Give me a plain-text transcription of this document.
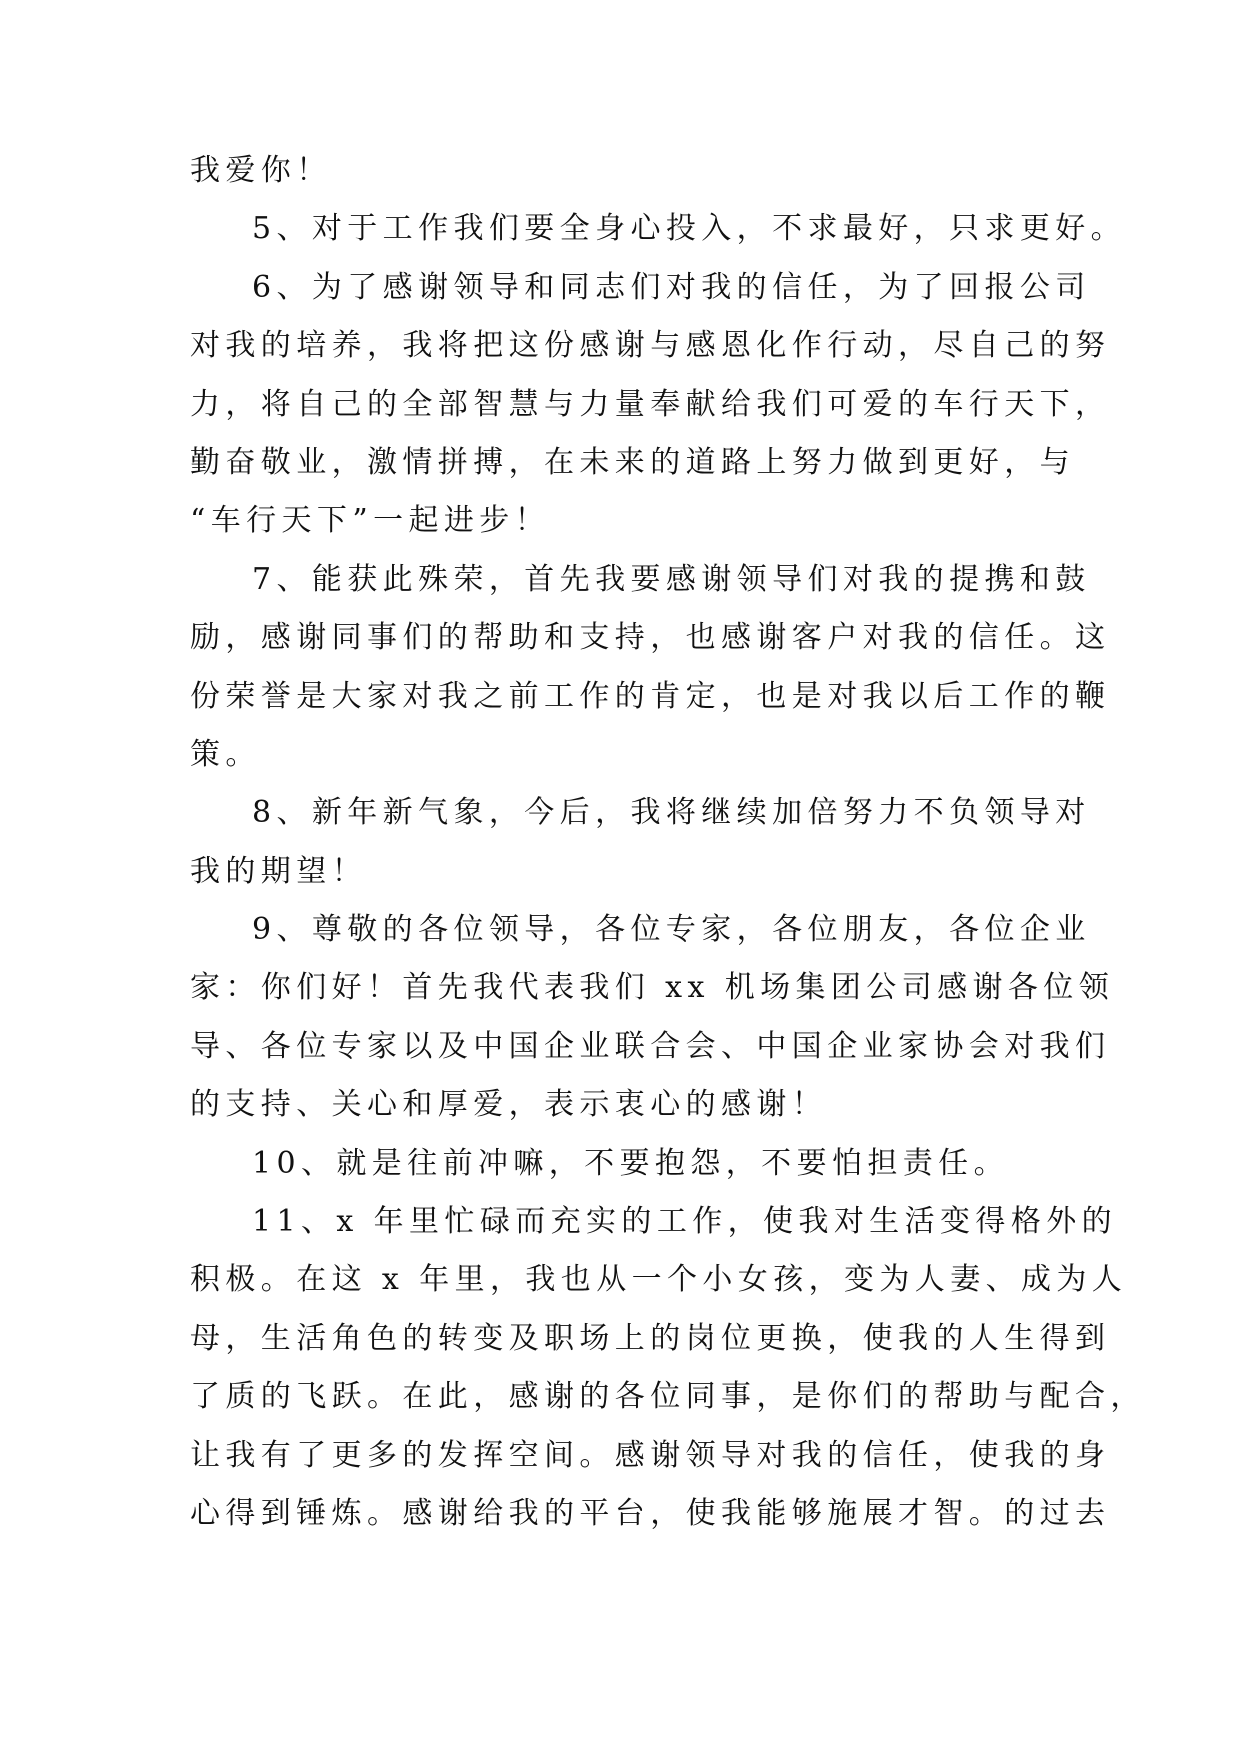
我爱你！
5、对于工作我们要全身心投入，不求最好，只求更好。
6、为了感谢领导和同志们对我的信任，为了回报公司
对我的培养，我将把这份感谢与感恩化作行动，尽自己的努
力，将自己的全部智慧与力量奉献给我们可爱的车行天下，
勤奋敬业，激情拼搏，在未来的道路上努力做到更好，与
“车行天下”一起进步！
7、能获此殊荣，首先我要感谢领导们对我的提携和鼓
励，感谢同事们的帮助和支持，也感谢客户对我的信任。这
份荣誉是大家对我之前工作的肯定，也是对我以后工作的鞭
策。
8、新年新气象，今后，我将继续加倍努力不负领导对
我的期望！
9、尊敬的各位领导，各位专家，各位朋友，各位企业
家：你们好！首先我代表我们 xx 机场集团公司感谢各位领
导、各位专家以及中国企业联合会、中国企业家协会对我们
的支持、关心和厚爱，表示衷心的感谢！
10、就是往前冲嘛，不要抱怨，不要怕担责任。
11、x 年里忙碌而充实的工作，使我对生活变得格外的
积极。在这 x 年里，我也从一个小女孩，变为人妻、成为人
母，生活角色的转变及职场上的岗位更换，使我的人生得到
了质的飞跃。在此，感谢的各位同事，是你们的帮助与配合，
让我有了更多的发挥空间。感谢领导对我的信任，使我的身
心得到锤炼。感谢给我的平台，使我能够施展才智。的过去
